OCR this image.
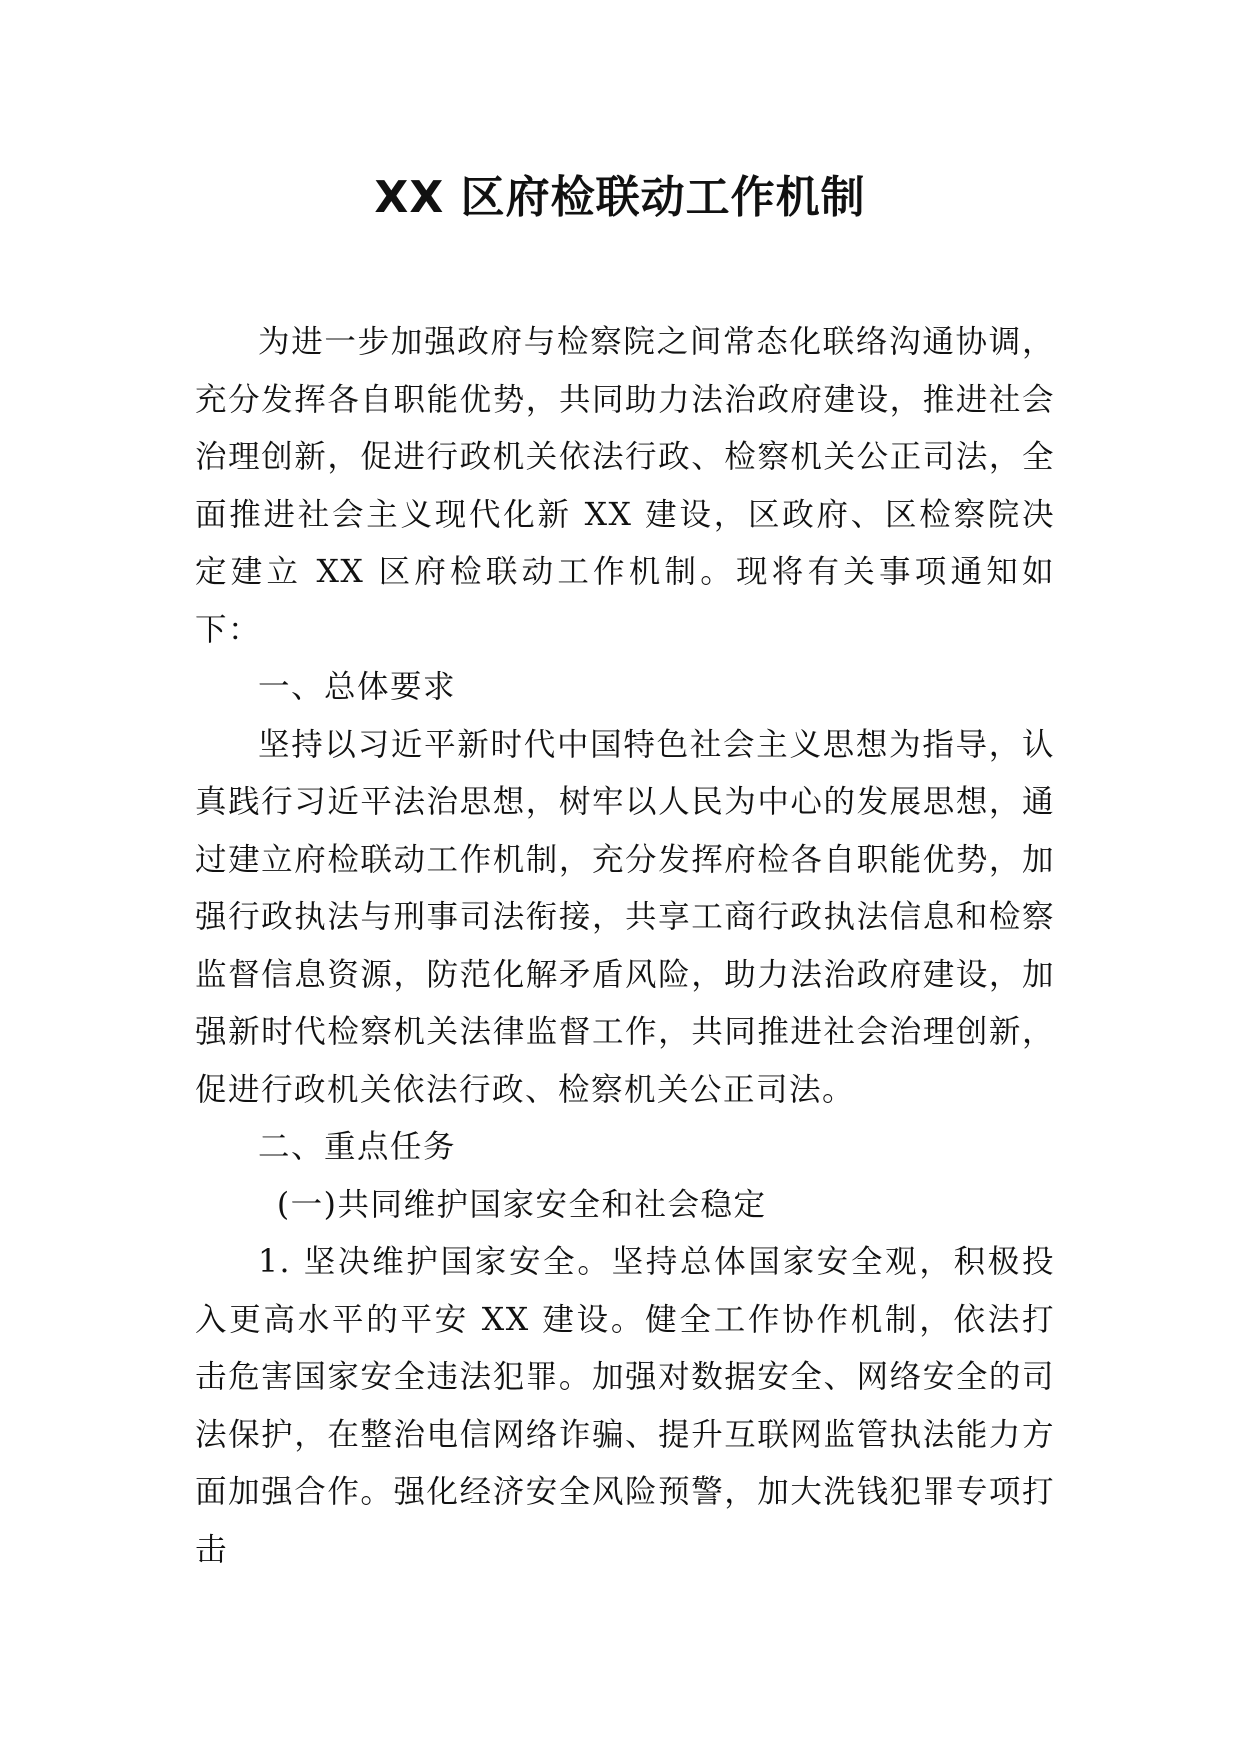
XX 区府检联动工作机制

为进一步加强政府与检察院之间常态化联络沟通协调，充分发挥各自职能优势，共同助力法治政府建设，推进社会治理创新，促进行政机关依法行政、检察机关公正司法，全面推进社会主义现代化新 XX 建设，区政府、区检察院决定建立 XX 区府检联动工作机制。现将有关事项通知如下：

一、总体要求

坚持以习近平新时代中国特色社会主义思想为指导，认真践行习近平法治思想，树牢以人民为中心的发展思想，通过建立府检联动工作机制，充分发挥府检各自职能优势，加强行政执法与刑事司法衔接，共享工商行政执法信息和检察监督信息资源，防范化解矛盾风险，助力法治政府建设，加强新时代检察机关法律监督工作，共同推进社会治理创新，促进行政机关依法行政、检察机关公正司法。

二、重点任务

(一)共同维护国家安全和社会稳定

1. 坚决维护国家安全。坚持总体国家安全观，积极投入更高水平的平安 XX 建设。健全工作协作机制，依法打击危害国家安全违法犯罪。加强对数据安全、网络安全的司法保护，在整治电信网络诈骗、提升互联网监管执法能力方面加强合作。强化经济安全风险预警，加大洗钱犯罪专项打击
